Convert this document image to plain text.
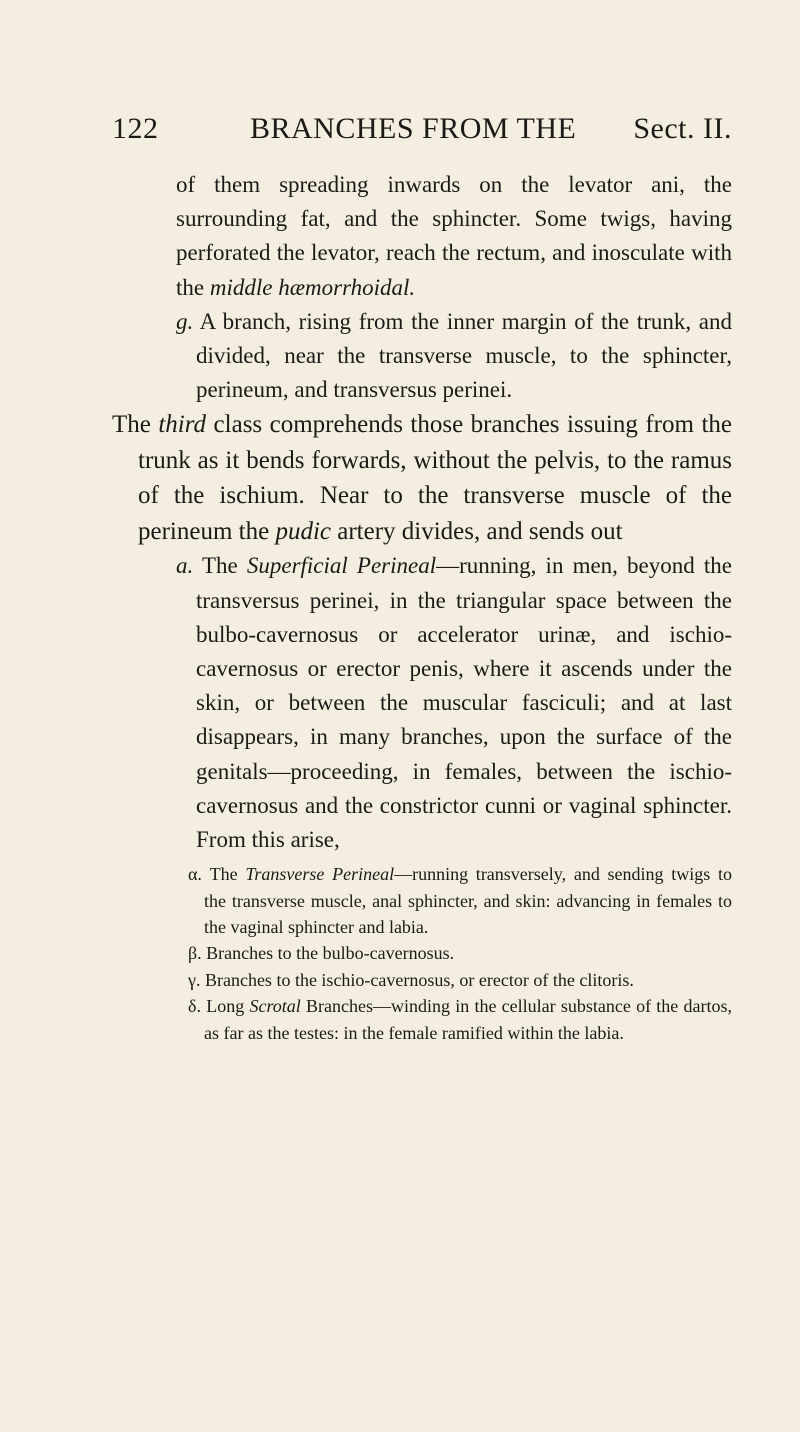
122	BRANCHES FROM THE Sect. II.

of them spreading inwards on the levator ani, the surrounding fat, and the sphincter. Some twigs, having perforated the levator, reach the rectum, and inosculate with the middle hæmorrhoidal.

g. A branch, rising from the inner margin of the trunk, and divided, near the transverse muscle, to the sphincter, perineum, and transversus perinei.

The third class comprehends those branches issuing from the trunk as it bends forwards, without the pelvis, to the ramus of the ischium. Near to the transverse muscle of the perineum the pudic artery divides, and sends out

a. The Superficial Perineal—running, in men, beyond the transversus perinei, in the triangular space between the bulbo-cavernosus or accelerator urinæ, and ischio-cavernosus or erector penis, where it ascends under the skin, or between the muscular fasciculi; and at last disappears, in many branches, upon the surface of the genitals—proceeding, in females, between the ischio-cavernosus and the constrictor cunni or vaginal sphincter. From this arise,

α. The Transverse Perineal—running transversely, and sending twigs to the transverse muscle, anal sphincter, and skin: advancing in females to the vaginal sphincter and labia.

β. Branches to the bulbo-cavernosus.

γ. Branches to the ischio-cavernosus, or erector of the clitoris.

δ. Long Scrotal Branches—winding in the cellular substance of the dartos, as far as the testes: in the female ramified within the labia.
